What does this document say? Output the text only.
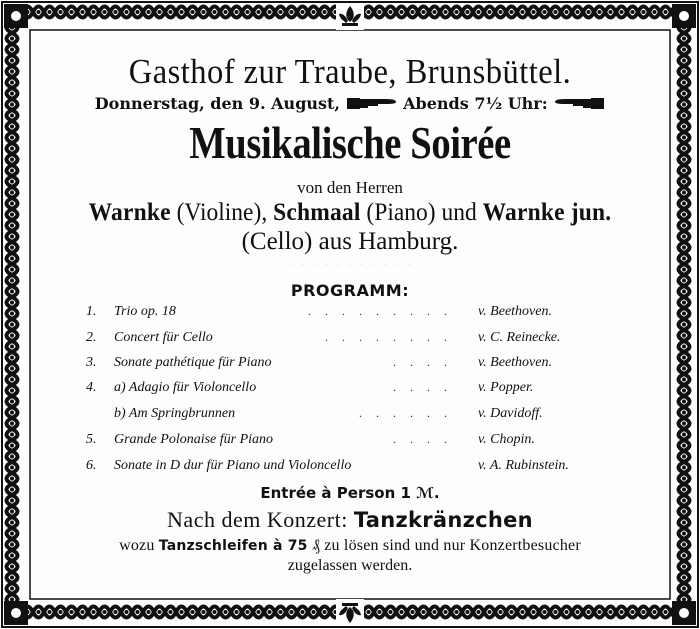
Gasthof zur Traube, Brunsbüttel.
Donnerstag, den 9. August,	Abends 7½ Uhr:
Musikalische Soirée
von den Herren
Warnke (Violine), Schmaal (Piano) und Warnke jun.
(Cello) aus Hamburg.
· · · · · · · · · · ·
PROGRAMM:
.........
1. Trio op. 18	v. Beethoven.
........
2. Concert für Cello	v. C. Reinecke.
....
3. Sonate pathétique für Piano	v. Beethoven.
....
4. a) Adagio für Violoncello	v. Popper.
......
b) Am Springbrunnen	v. Davidoff.
....
5. Grande Polonaise für Piano	v. Chopin.
6. Sonate in D dur für Piano und Violoncello	v. A. Rubinstein.
Entrée à Person 1 ℳ.
Nach dem Konzert: Tanzkränzchen
wozu Tanzschleifen à 75 ₰ zu lösen sind und nur Konzertbesucher
zugelassen werden.
